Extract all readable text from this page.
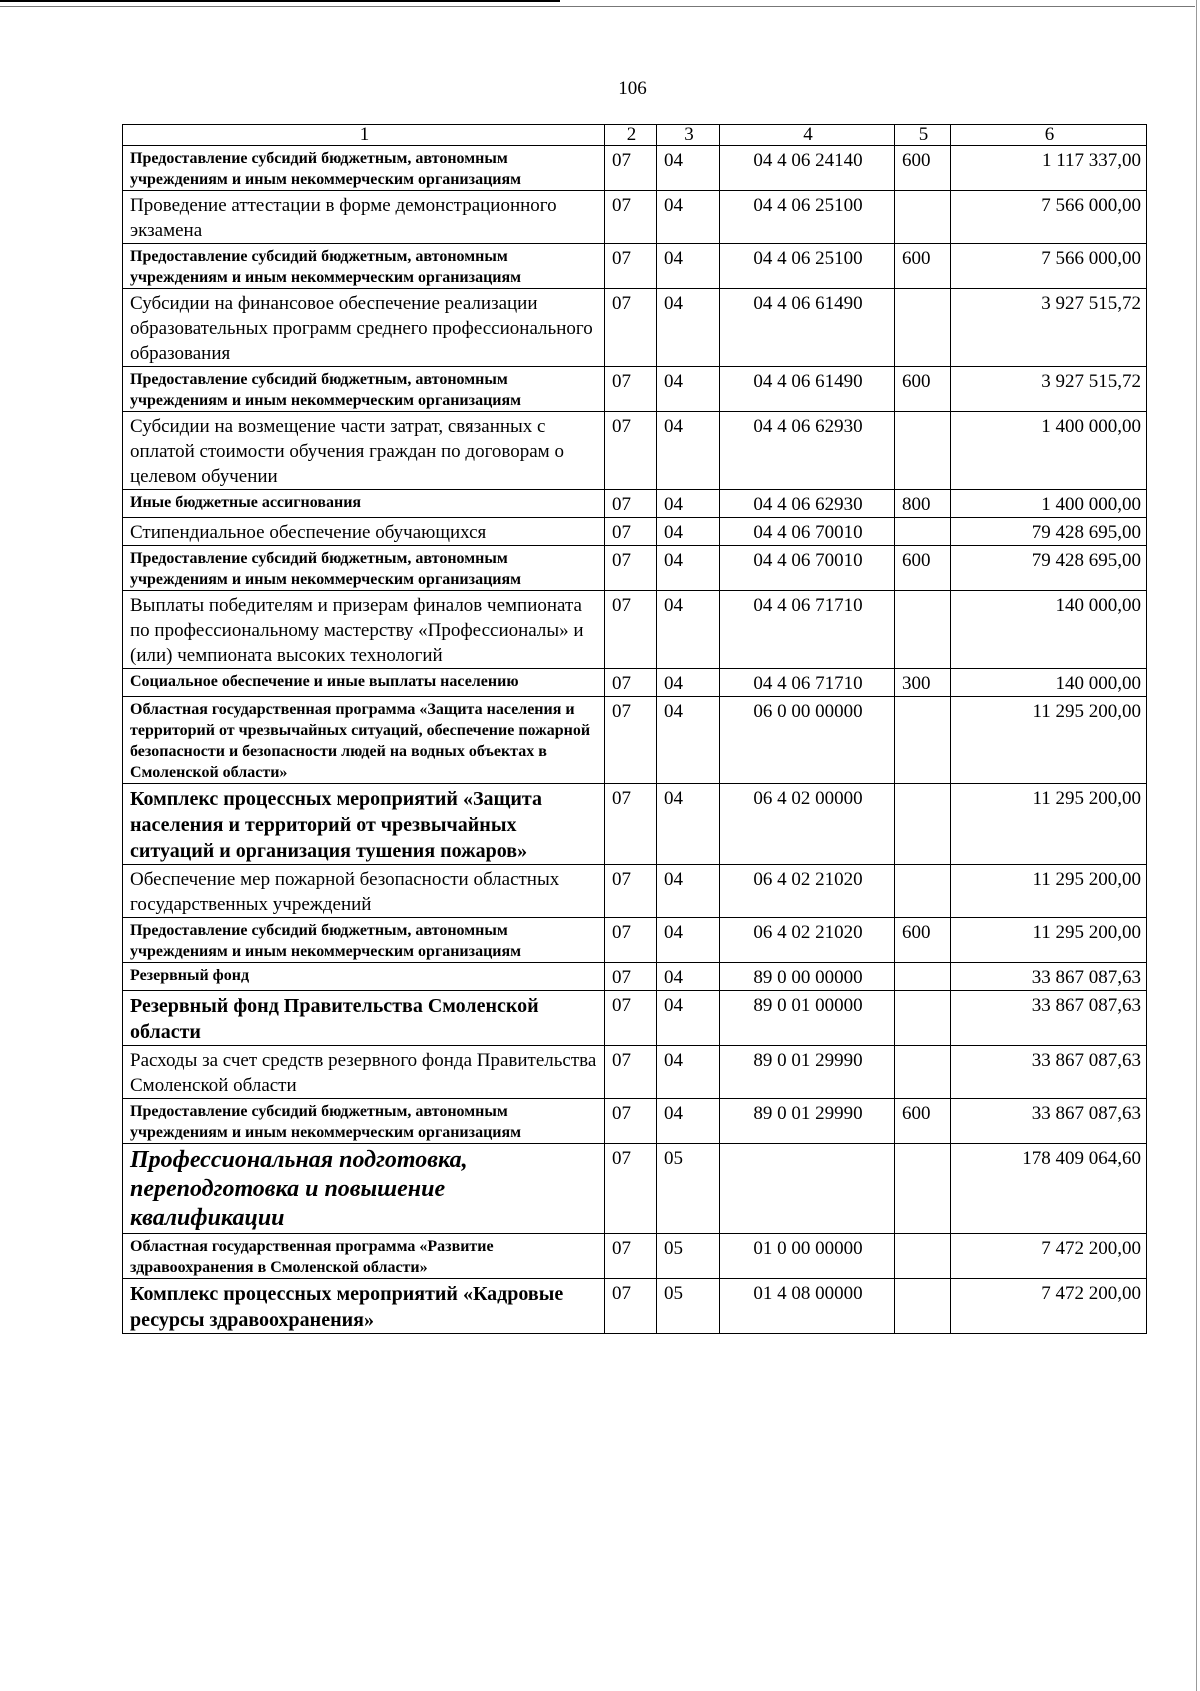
106
1	2	3	4	5	6
Предоставление субсидий бюджетным, автономным учреждениям и иным некоммерческим организациям	07	04	04 4 06 24140	600	1 117 337,00
Проведение аттестации в форме демонстрационного экзамена	07	04	04 4 06 25100		7 566 000,00
Предоставление субсидий бюджетным, автономным учреждениям и иным некоммерческим организациям	07	04	04 4 06 25100	600	7 566 000,00
Субсидии на финансовое обеспечение реализации образовательных программ среднего профессионального образования	07	04	04 4 06 61490		3 927 515,72
Предоставление субсидий бюджетным, автономным учреждениям и иным некоммерческим организациям	07	04	04 4 06 61490	600	3 927 515,72
Субсидии на возмещение части затрат, связанных с оплатой стоимости обучения граждан по договорам о целевом обучении	07	04	04 4 06 62930		1 400 000,00
Иные бюджетные ассигнования	07	04	04 4 06 62930	800	1 400 000,00
Стипендиальное обеспечение обучающихся	07	04	04 4 06 70010		79 428 695,00
Предоставление субсидий бюджетным, автономным учреждениям и иным некоммерческим организациям	07	04	04 4 06 70010	600	79 428 695,00
Выплаты победителям и призерам финалов чемпионата по профессиональному мастерству «Профессионалы» и (или) чемпионата высоких технологий	07	04	04 4 06 71710		140 000,00
Социальное обеспечение и иные выплаты населению	07	04	04 4 06 71710	300	140 000,00
Областная государственная программа «Защита населения и территорий от чрезвычайных ситуаций, обеспечение пожарной безопасности и безопасности людей на водных объектах в Смоленской области»	07	04	06 0 00 00000		11 295 200,00
Комплекс процессных мероприятий «Защита населения и территорий от чрезвычайных ситуаций и организация тушения пожаров»	07	04	06 4 02 00000		11 295 200,00
Обеспечение мер пожарной безопасности областных государственных учреждений	07	04	06 4 02 21020		11 295 200,00
Предоставление субсидий бюджетным, автономным учреждениям и иным некоммерческим организациям	07	04	06 4 02 21020	600	11 295 200,00
Резервный фонд	07	04	89 0 00 00000		33 867 087,63
Резервный фонд Правительства Смоленской области	07	04	89 0 01 00000		33 867 087,63
Расходы за счет средств резервного фонда Правительства Смоленской области	07	04	89 0 01 29990		33 867 087,63
Предоставление субсидий бюджетным, автономным учреждениям и иным некоммерческим организациям	07	04	89 0 01 29990	600	33 867 087,63
Профессиональная подготовка, переподготовка и повышение квалификации	07	05			178 409 064,60
Областная государственная программа «Развитие здравоохранения в Смоленской области»	07	05	01 0 00 00000		7 472 200,00
Комплекс процессных мероприятий «Кадровые ресурсы здравоохранения»	07	05	01 4 08 00000		7 472 200,00
